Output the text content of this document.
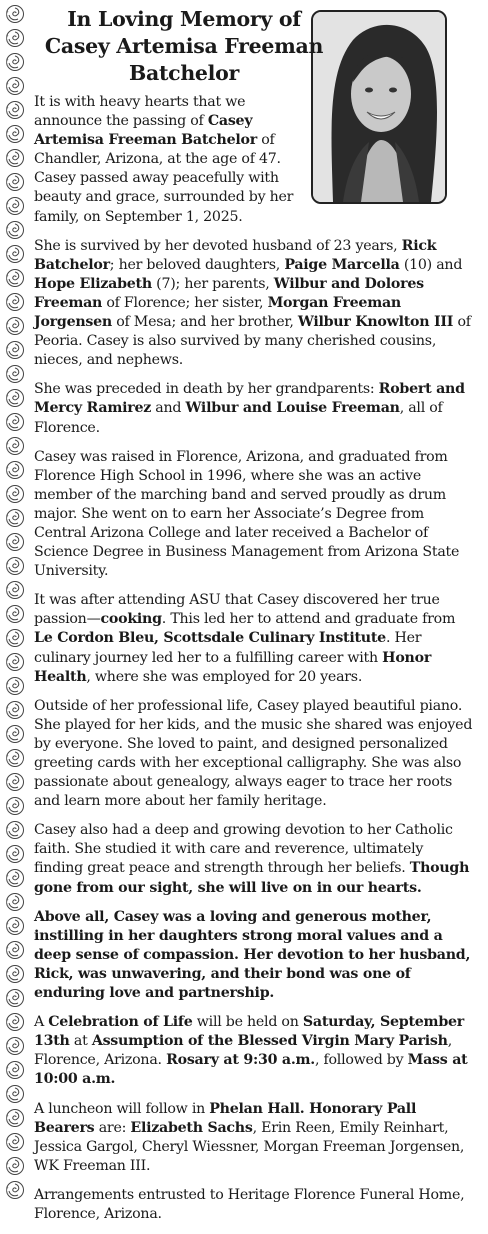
In Loving Memory of Casey Artemisa Freeman Batchelor

It is with heavy hearts that we announce the passing of Casey Artemisa Freeman Batchelor of Chandler, Arizona, at the age of 47. Casey passed away peacefully with beauty and grace, surrounded by her family, on September 1, 2025.

She is survived by her devoted husband of 23 years, Rick Batchelor; her beloved daughters, Paige Marcella (10) and Hope Elizabeth (7); her parents, Wilbur and Dolores Freeman of Florence; her sister, Morgan Freeman Jorgensen of Mesa; and her brother, Wilbur Knowlton III of Peoria. Casey is also survived by many cherished cousins, nieces, and nephews.

She was preceded in death by her grandparents: Robert and Mercy Ramirez and Wilbur and Louise Freeman, all of Florence.

Casey was raised in Florence, Arizona, and graduated from Florence High School in 1996, where she was an active member of the marching band and served proudly as drum major. She went on to earn her Associate’s Degree from Central Arizona College and later received a Bachelor of Science Degree in Business Management from Arizona State University.

It was after attending ASU that Casey discovered her true passion—cooking. This led her to attend and graduate from Le Cordon Bleu, Scottsdale Culinary Institute. Her culinary journey led her to a fulfilling career with Honor Health, where she was employed for 20 years.

Outside of her professional life, Casey played beautiful piano. She played for her kids, and the music she shared was enjoyed by everyone. She loved to paint, and designed personalized greeting cards with her exceptional calligraphy. She was also passionate about genealogy, always eager to trace her roots and learn more about her family heritage.

Casey also had a deep and growing devotion to her Catholic faith. She studied it with care and reverence, ultimately finding great peace and strength through her beliefs. Though gone from our sight, she will live on in our hearts.

Above all, Casey was a loving and generous mother, instilling in her daughters strong moral values and a deep sense of compassion. Her devotion to her husband, Rick, was unwavering, and their bond was one of enduring love and partnership.

A Celebration of Life will be held on Saturday, September 13th at Assumption of the Blessed Virgin Mary Parish, Florence, Arizona. Rosary at 9:30 a.m., followed by Mass at 10:00 a.m.

A luncheon will follow in Phelan Hall. Honorary Pall Bearers are: Elizabeth Sachs, Erin Reen, Emily Reinhart, Jessica Gargol, Cheryl Wiessner, Morgan Freeman Jorgensen, WK Freeman III.

Arrangements entrusted to Heritage Florence Funeral Home, Florence, Arizona.
